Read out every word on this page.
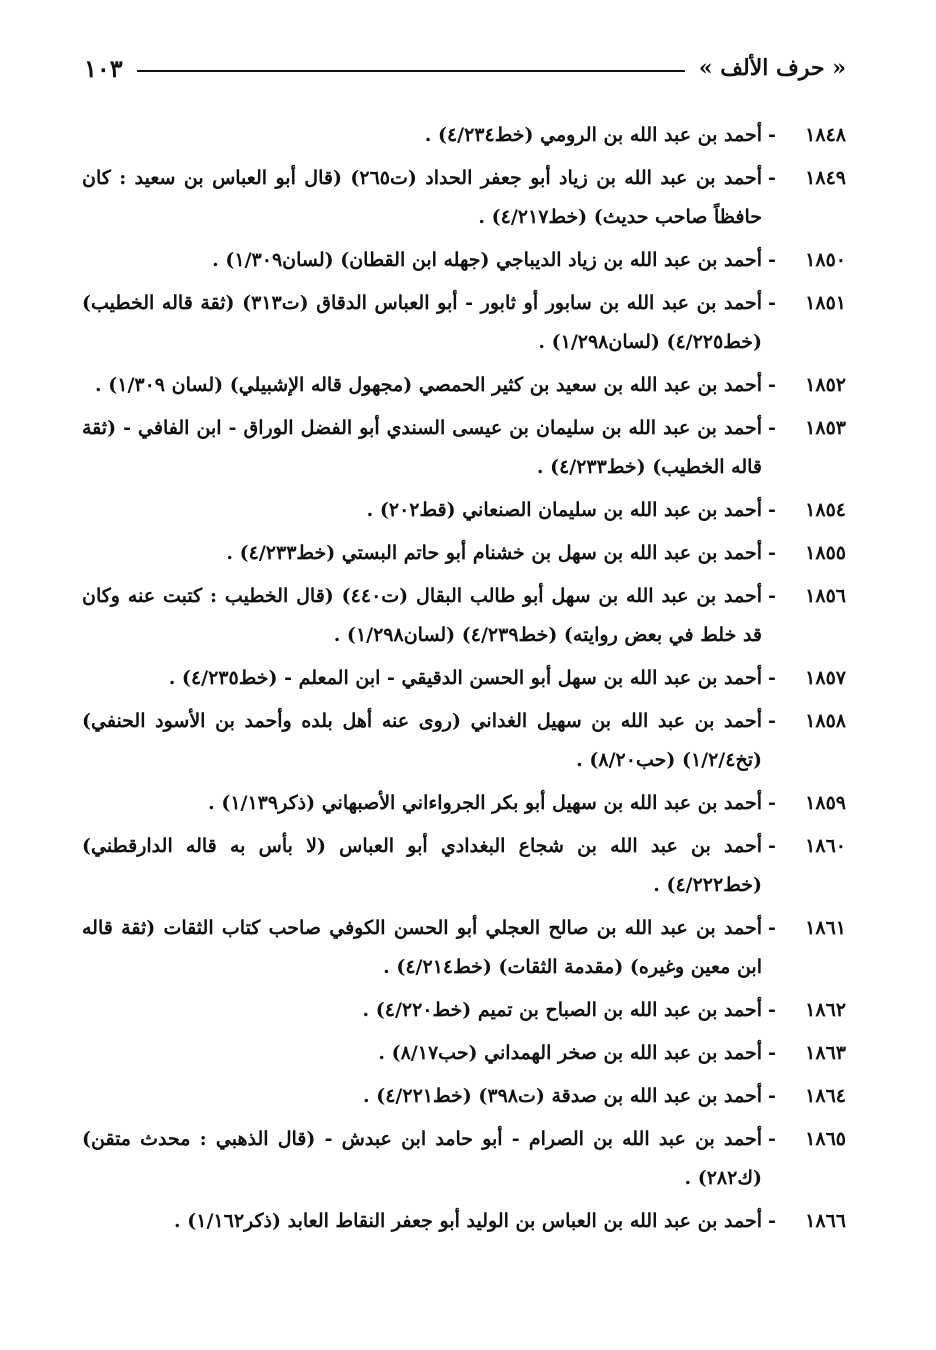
« حرف الألف »
١٠٣
١٨٤٨
-
أحمد بن عبد الله بن الرومي (خط٤/٢٣٤) .
١٨٤٩
-
أحمد بن عبد الله بن زياد أبو جعفر الحداد (ت٢٦٥) (قال أبو العباس بن سعيد : كان حافظاً صاحب حديث) (خط٤/٢١٧) .
١٨٥٠
-
أحمد بن عبد الله بن زياد الديباجي (جهله ابن القطان) (لسان١/٣٠٩) .
١٨٥١
-
أحمد بن عبد الله بن سابور أو ثابور - أبو العباس الدقاق (ت٣١٣) (ثقة قاله الخطيب) (خط٤/٢٢٥) (لسان١/٢٩٨) .
١٨٥٢
-
أحمد بن عبد الله بن سعيد بن كثير الحمصي (مجهول قاله الإشبيلي) (لسان ١/٣٠٩) .
١٨٥٣
-
أحمد بن عبد الله بن سليمان بن عيسى السندي أبو الفضل الوراق - ابن الفافي - (ثقة قاله الخطيب) (خط٤/٢٣٣) .
١٨٥٤
-
أحمد بن عبد الله بن سليمان الصنعاني (قط٢٠٢) .
١٨٥٥
-
أحمد بن عبد الله بن سهل بن خشنام أبو حاتم البستي (خط٤/٢٣٣) .
١٨٥٦
-
أحمد بن عبد الله بن سهل أبو طالب البقال (ت٤٤٠) (قال الخطيب : كتبت عنه وكان قد خلط في بعض روايته) (خط٤/٢٣٩) (لسان١/٢٩٨) .
١٨٥٧
-
أحمد بن عبد الله بن سهل أبو الحسن الدقيقي - ابن المعلم - (خط٤/٢٣٥) .
١٨٥٨
-
أحمد بن عبد الله بن سهيل الغداني (روى عنه أهل بلده وأحمد بن الأسود الحنفي) (تخ١/٢/٤) (حب٨/٢٠) .
١٨٥٩
-
أحمد بن عبد الله بن سهيل أبو بكر الجرواءاني الأصبهاني (ذكر١/١٣٩) .
١٨٦٠
-
أحمد بن عبد الله بن شجاع البغدادي أبو العباس (لا بأس به قاله الدارقطني) (خط٤/٢٢٢) .
١٨٦١
-
أحمد بن عبد الله بن صالح العجلي أبو الحسن الكوفي صاحب كتاب الثقات (ثقة قاله ابن معين وغيره) (مقدمة الثقات) (خط٤/٢١٤) .
١٨٦٢
-
أحمد بن عبد الله بن الصباح بن تميم (خط٤/٢٢٠) .
١٨٦٣
-
أحمد بن عبد الله بن صخر الهمداني (حب٨/١٧) .
١٨٦٤
-
أحمد بن عبد الله بن صدقة (ت٣٩٨) (خط٤/٢٢١) .
١٨٦٥
-
أحمد بن عبد الله بن الصرام - أبو حامد ابن عبدش - (قال الذهبي : محدث متقن) (ك٢٨٢) .
١٨٦٦
-
أحمد بن عبد الله بن العباس بن الوليد أبو جعفر النقاط العابد (ذكر١/١٦٢) .
